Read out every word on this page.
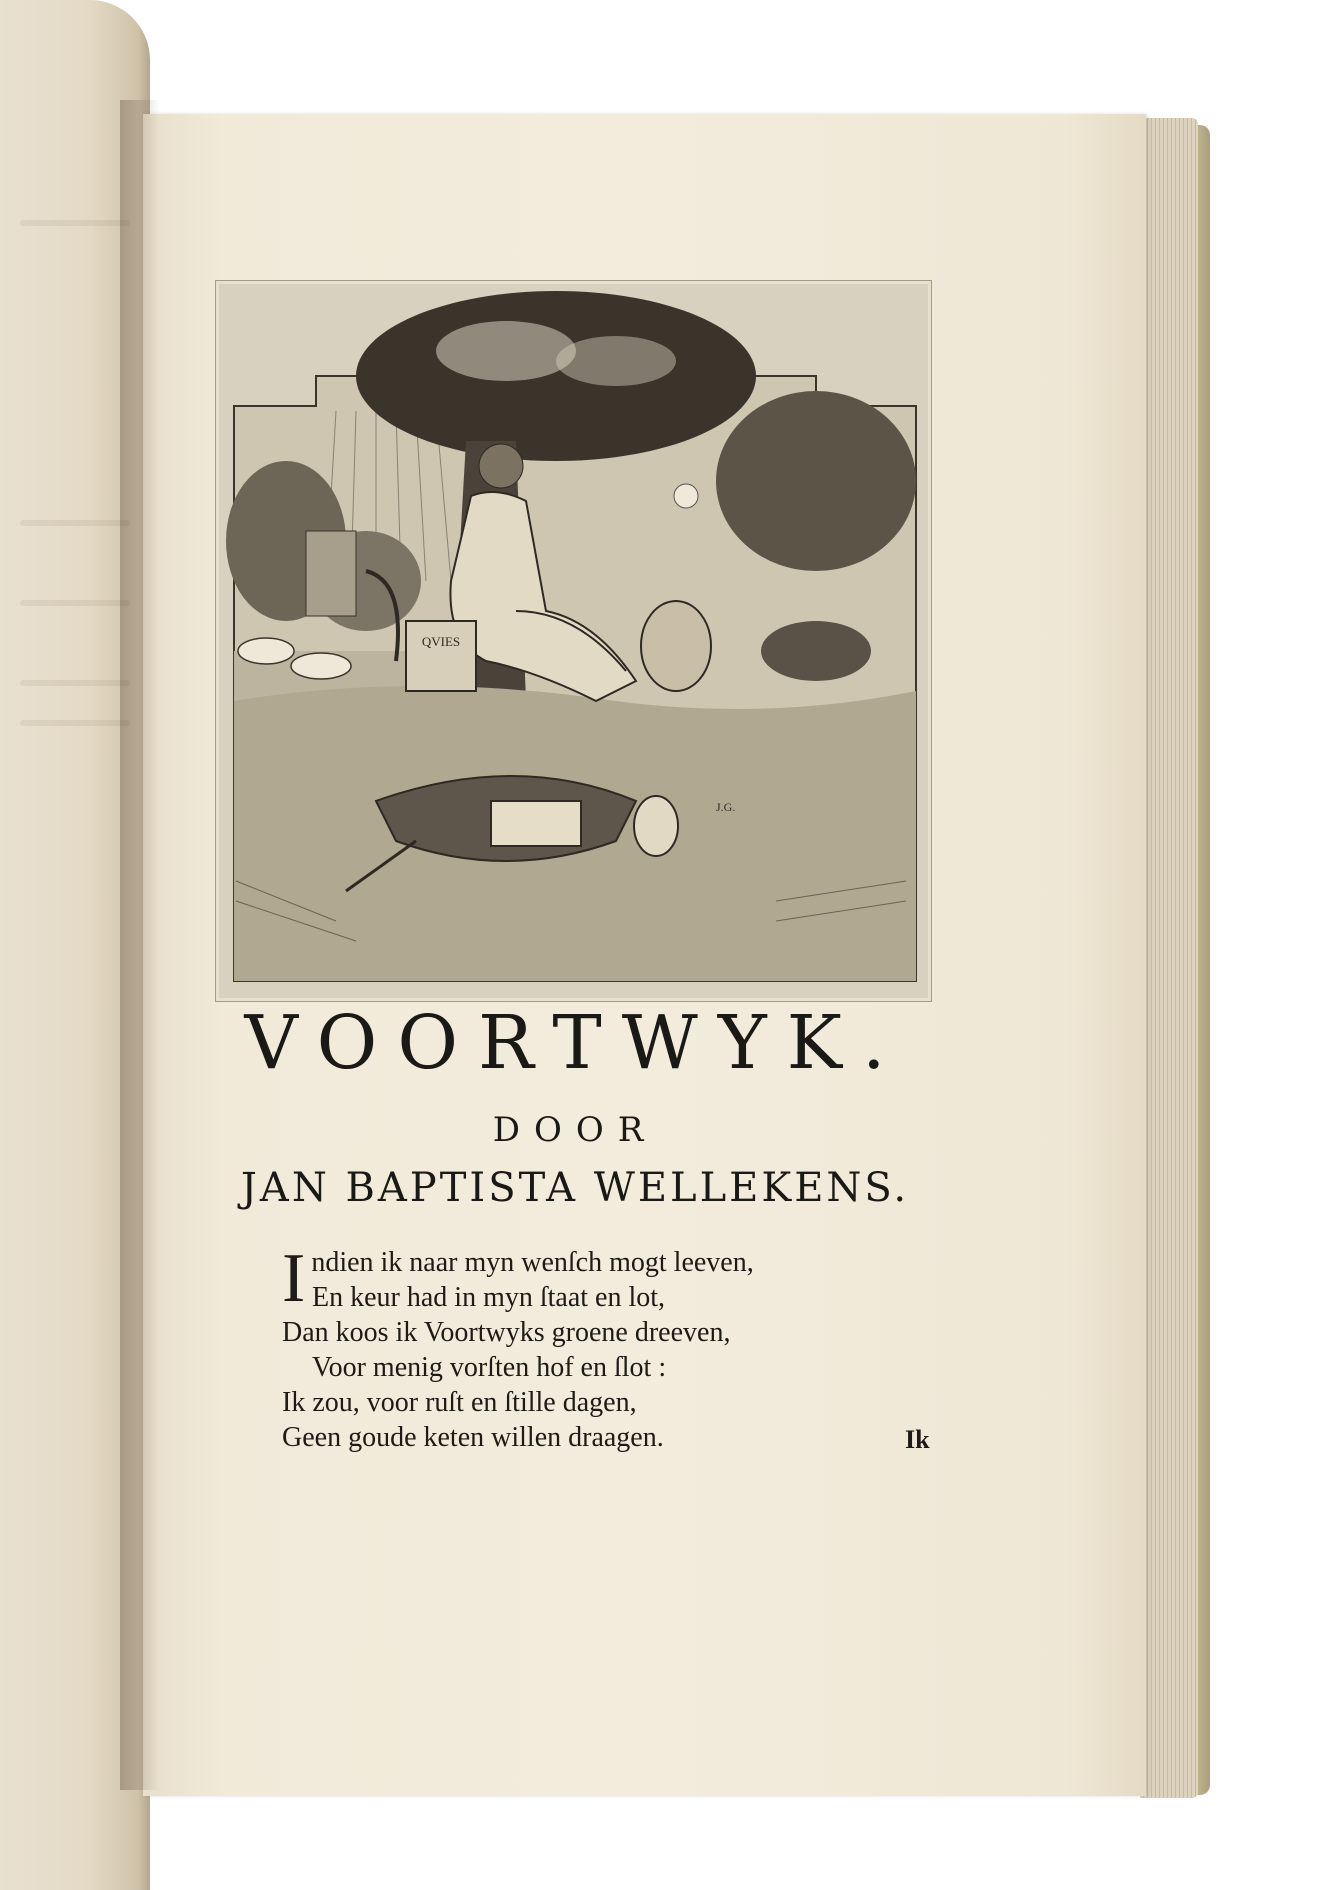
QVIES
J.G.
VOORTWYK.
DOOR
JAN BAPTISTA WELLEKENS.
I ndien ik naar myn wenſch mogt leeven,
En keur had in myn ſtaat en lot,
Dan koos ik Voortwyks groene dreeven,
Voor menig vorſten hof en ſlot :
Ik zou, voor ruſt en ſtille dagen,
Geen goude keten willen draagen.	Ik
